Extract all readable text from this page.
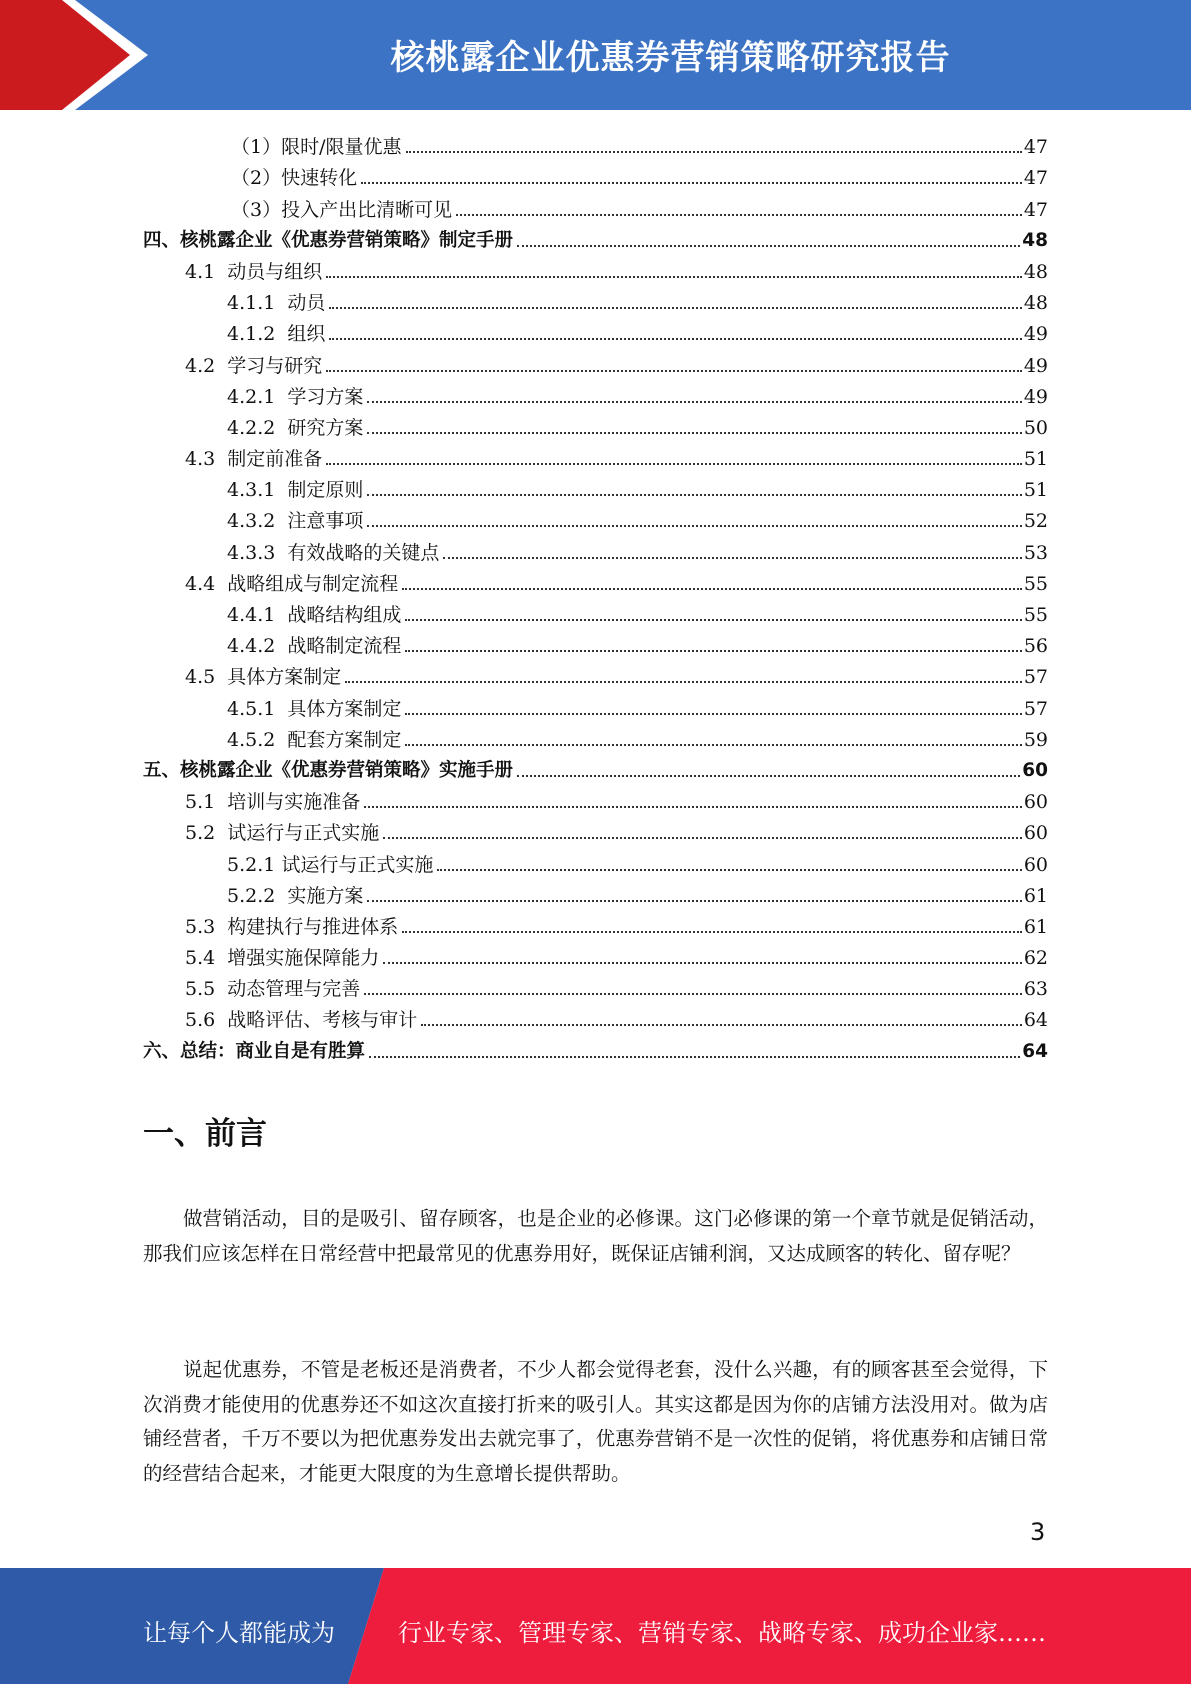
核桃露企业优惠券营销策略研究报告
（1）限时/限量优惠	47
（2）快速转化	47
（3）投入产出比清晰可见	47
四、核桃露企业《优惠券营销策略》制定手册	48
4.1  动员与组织	48
4.1.1  动员	48
4.1.2  组织	49
4.2  学习与研究	49
4.2.1  学习方案	49
4.2.2  研究方案	50
4.3  制定前准备	51
4.3.1  制定原则	51
4.3.2  注意事项	52
4.3.3  有效战略的关键点	53
4.4  战略组成与制定流程	55
4.4.1  战略结构组成	55
4.4.2  战略制定流程	56
4.5  具体方案制定	57
4.5.1  具体方案制定	57
4.5.2  配套方案制定	59
五、核桃露企业《优惠券营销策略》实施手册	60
5.1  培训与实施准备	60
5.2  试运行与正式实施	60
5.2.1 试运行与正式实施	60
5.2.2  实施方案	61
5.3  构建执行与推进体系	61
5.4  增强实施保障能力	62
5.5  动态管理与完善	63
5.6  战略评估、考核与审计	64
六、总结：商业自是有胜算	64
一、前言

做营销活动，目的是吸引、留存顾客，也是企业的必修课。这门必修课的第一个章节就是促销活动，那我们应该怎样在日常经营中把最常见的优惠券用好，既保证店铺利润，又达成顾客的转化、留存呢？

说起优惠券，不管是老板还是消费者，不少人都会觉得老套，没什么兴趣，有的顾客甚至会觉得，下次消费才能使用的优惠券还不如这次直接打折来的吸引人。其实这都是因为你的店铺方法没用对。做为店铺经营者，千万不要以为把优惠券发出去就完事了，优惠券营销不是一次性的促销，将优惠券和店铺日常的经营结合起来，才能更大限度的为生意增长提供帮助。

3
让每个人都能成为	行业专家、管理专家、营销专家、战略专家、成功企业家……
